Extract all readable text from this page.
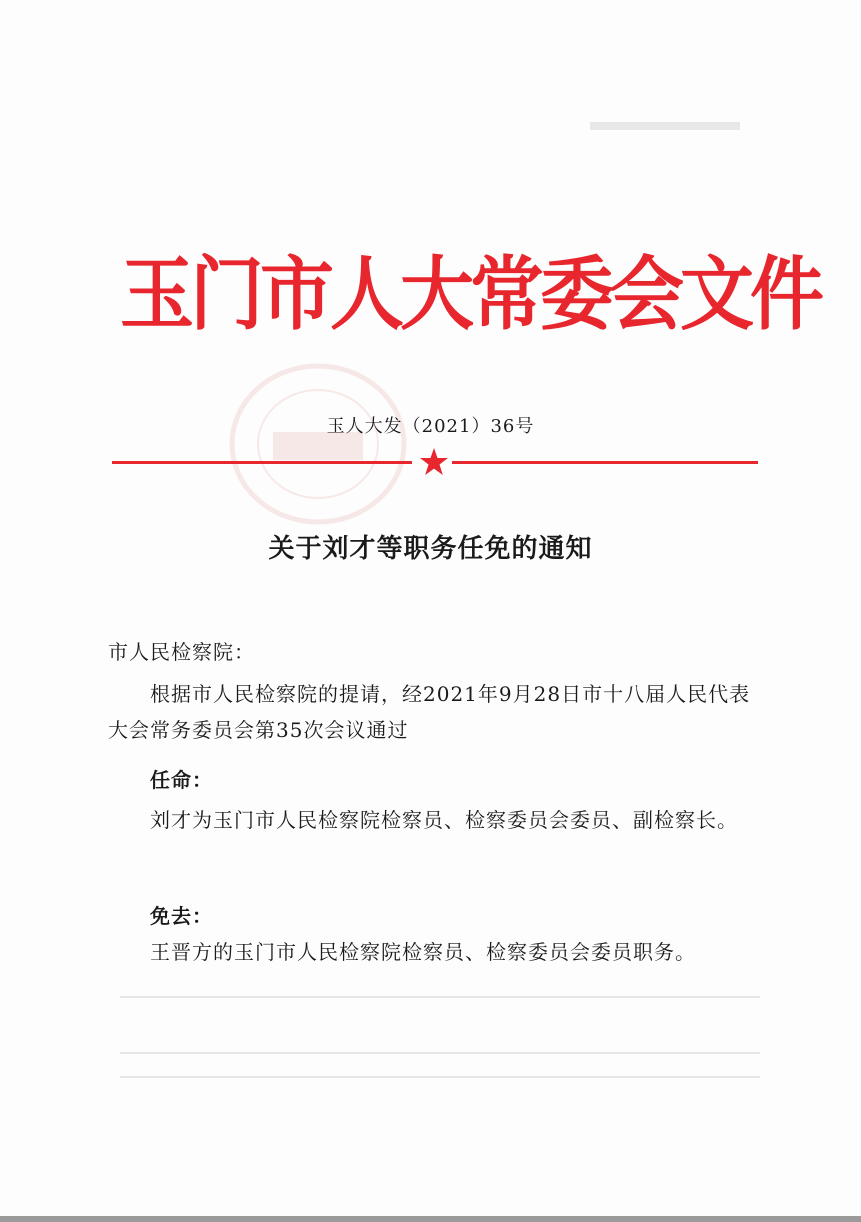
玉门市人大常委会文件
玉人大发（2021）36号
关于刘才等职务任免的通知
市人民检察院：
根据市人民检察院的提请，经2021年9月28日市十八届人民代表大会常务委员会第35次会议通过
任命：
刘才为玉门市人民检察院检察员、检察委员会委员、副检察长。
免去：
王晋方的玉门市人民检察院检察员、检察委员会委员职务。
